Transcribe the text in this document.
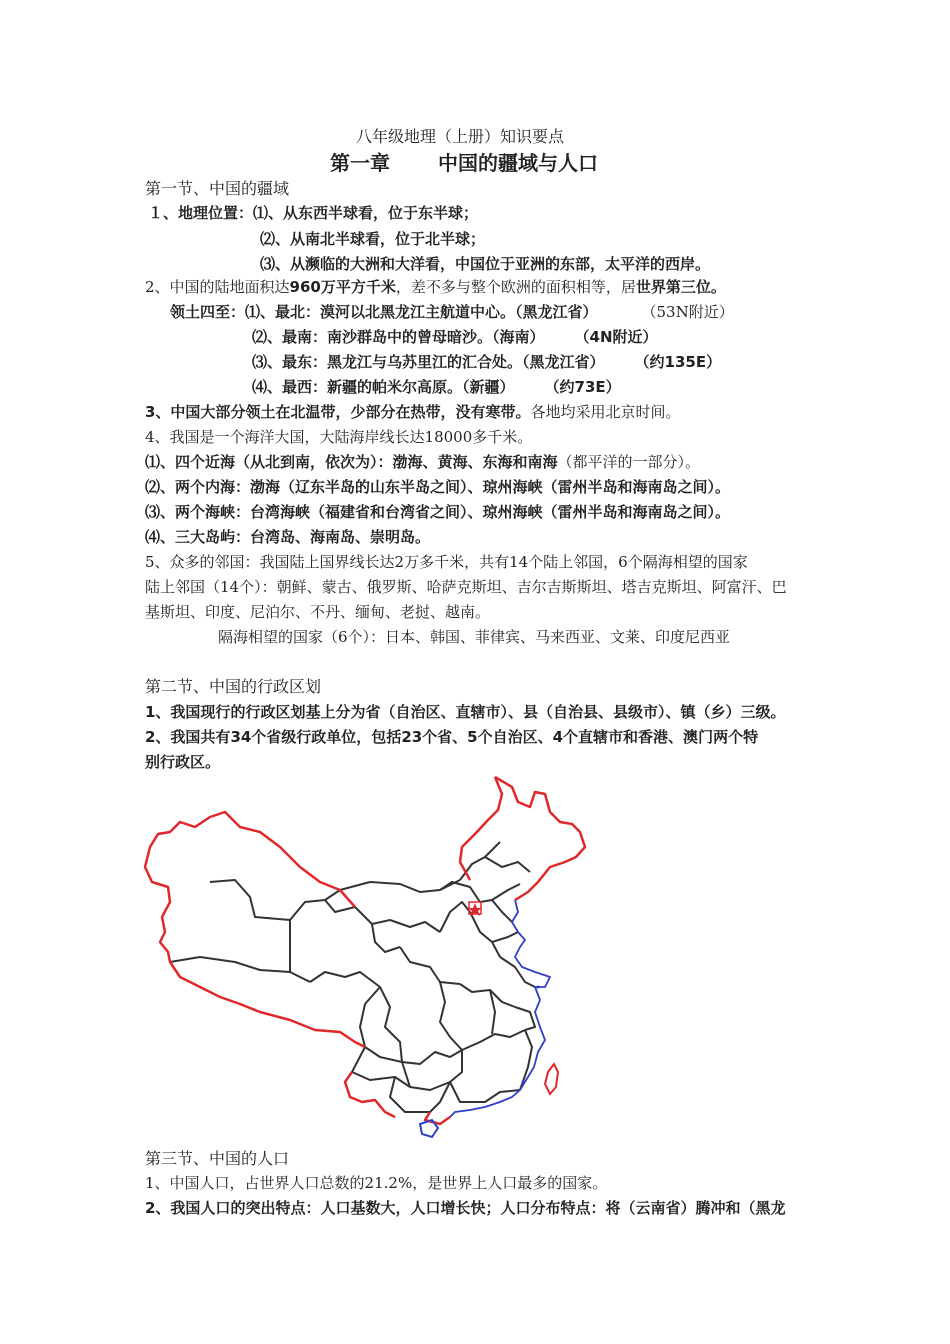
八年级地理（上册）知识要点
第一章 中国的疆域与人口
第一节、中国的疆域
１、地理位置：⑴、从东西半球看，位于东半球；
⑵、从南北半球看，位于北半球；
⑶、从濒临的大洲和大洋看，中国位于亚洲的东部，太平洋的西岸。
2、中国的陆地面积达960万平方千米，差不多与整个欧洲的面积相等，居世界第三位。
领土四至：⑴、最北：漠河以北黑龙江主航道中心。（黑龙江省）	（53N附近）
⑵、最南：南沙群岛中的曾母暗沙。（海南） （4N附近）
⑶、最东：黑龙江与乌苏里江的汇合处。（黑龙江省） （约135E）
⑷、最西：新疆的帕米尔高原。（新疆） （约73E）
3、中国大部分领土在北温带，少部分在热带，没有寒带。各地均采用北京时间。
4、我国是一个海洋大国，大陆海岸线长达18000多千米。
⑴、四个近海（从北到南，依次为）：渤海、黄海、东海和南海（都平洋的一部分）。
⑵、两个内海：渤海（辽东半岛的山东半岛之间）、琼州海峡（雷州半岛和海南岛之间）。
⑶、两个海峡：台湾海峡（福建省和台湾省之间）、琼州海峡（雷州半岛和海南岛之间）。
⑷、三大岛屿：台湾岛、海南岛、崇明岛。
5、众多的邻国：我国陆上国界线长达2万多千米，共有14个陆上邻国，6个隔海相望的国家
陆上邻国（14个）：朝鲜、蒙古、俄罗斯、哈萨克斯坦、吉尔吉斯斯坦、塔吉克斯坦、阿富汗、巴
基斯坦、印度、尼泊尔、不丹、缅甸、老挝、越南。
隔海相望的国家（6个）：日本、韩国、菲律宾、马来西亚、文莱、印度尼西亚
第二节、中国的行政区划
1、我国现行的行政区划基上分为省（自治区、直辖市）、县（自治县、县级市）、镇（乡）三级。
2、我国共有34个省级行政单位，包括23个省、5个自治区、4个直辖市和香港、澳门两个特
别行政区。
第三节、中国的人口
1、中国人口，占世界人口总数的21.2%，是世界上人口最多的国家。
2、我国人口的突出特点：人口基数大，人口增长快；人口分布特点：将（云南省）腾冲和（黑龙
